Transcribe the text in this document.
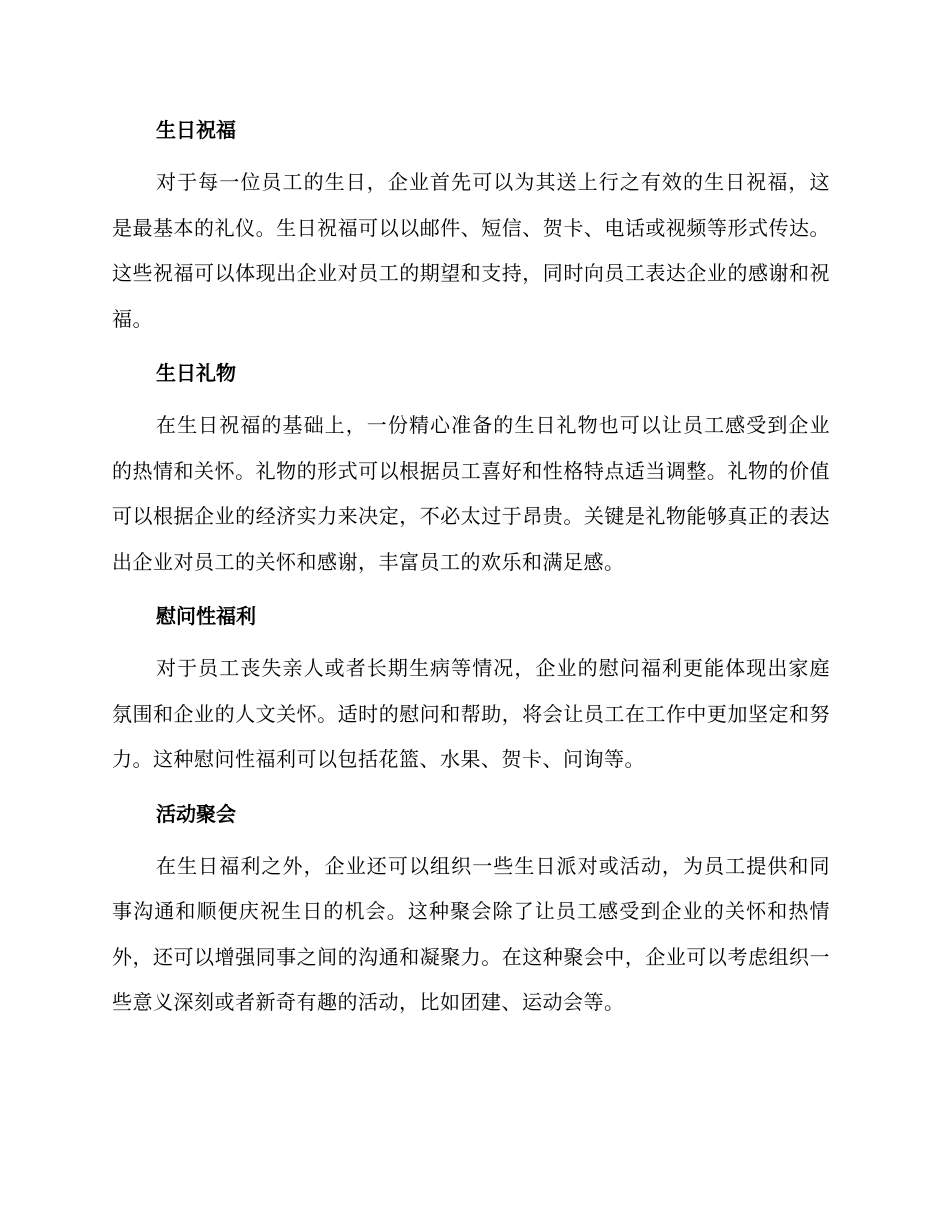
生日祝福

对于每一位员工的生日，企业首先可以为其送上行之有效的生日祝福，这是最基本的礼仪。生日祝福可以以邮件、短信、贺卡、电话或视频等形式传达。这些祝福可以体现出企业对员工的期望和支持，同时向员工表达企业的感谢和祝福。

生日礼物

在生日祝福的基础上，一份精心准备的生日礼物也可以让员工感受到企业的热情和关怀。礼物的形式可以根据员工喜好和性格特点适当调整。礼物的价值可以根据企业的经济实力来决定，不必太过于昂贵。关键是礼物能够真正的表达出企业对员工的关怀和感谢，丰富员工的欢乐和满足感。

慰问性福利

对于员工丧失亲人或者长期生病等情况，企业的慰问福利更能体现出家庭氛围和企业的人文关怀。适时的慰问和帮助，将会让员工在工作中更加坚定和努力。这种慰问性福利可以包括花篮、水果、贺卡、问询等。

活动聚会

在生日福利之外，企业还可以组织一些生日派对或活动，为员工提供和同事沟通和顺便庆祝生日的机会。这种聚会除了让员工感受到企业的关怀和热情外，还可以增强同事之间的沟通和凝聚力。在这种聚会中，企业可以考虑组织一些意义深刻或者新奇有趣的活动，比如团建、运动会等。
